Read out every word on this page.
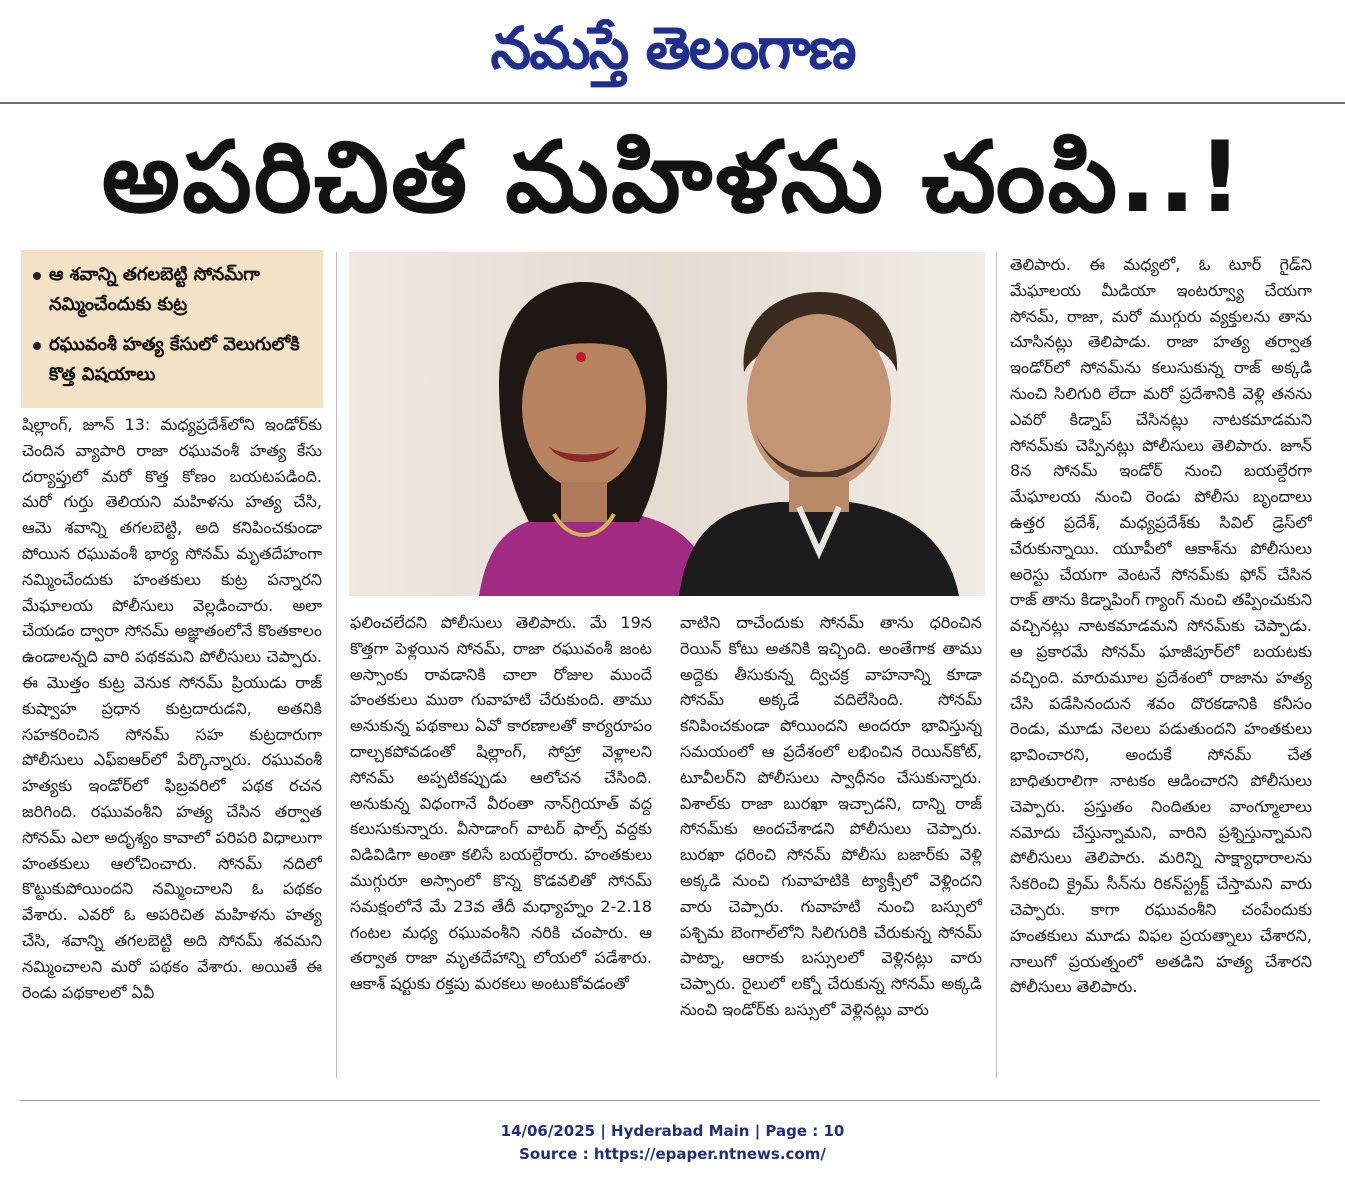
నమస్తే తెలంగాణ
అపరిచిత మహిళను చంపి..!
ఆ శవాన్ని తగలబెట్టి సోనమ్‌గా నమ్మించేందుకు కుట్ర
రఘువంశీ హత్య కేసులో వెలుగులోకి కొత్త విషయాలు

షిల్లాంగ్, జూన్ 13: మధ్యప్రదేశ్‌లోని ఇండోర్‌కు చెందిన వ్యాపారి రాజా రఘువంశీ హత్య కేసు దర్యాప్తులో మరో కొత్త కోణం బయటపడింది. మరో గుర్తు తెలియని మహిళను హత్య చేసి, ఆమె శవాన్ని తగలబెట్టి, అది కనిపించకుండా పోయిన రఘువంశీ భార్య సోనమ్ మృతదేహంగా నమ్మించేందుకు హంతకులు కుట్ర పన్నారని మేఘాలయ పోలీసులు వెల్లడించారు. అలా చేయడం ద్వారా సోనమ్ అజ్ఞాతంలోనే కొంతకాలం ఉండాలన్నది వారి పథకమని పోలీసులు చెప్పారు. ఈ మొత్తం కుట్ర వెనుక సోనమ్ ప్రియుడు రాజ్ కుష్వాహ ప్రధాన కుట్రదారుడని, అతనికి సహకరించిన సోనమ్ సహ కుట్రదారుగా పోలీసులు ఎఫ్‌ఐఆర్‌లో పేర్కొన్నారు. రఘువంశీ హత్యకు ఇండోర్‌లో ఫిబ్రవరిలో పథక రచన జరిగింది. రఘువంశీని హత్య చేసిన తర్వాత సోనమ్ ఎలా అదృశ్యం కావాలో పరిపరి విధాలుగా హంతకులు ఆలోచించారు. సోనమ్ నదిలో కొట్టుకుపోయిందని నమ్మించాలని ఓ పథకం వేశారు. ఎవరో ఓ అపరిచిత మహిళను హత్య చేసి, శవాన్ని తగలబెట్టి అది సోనమ్ శవమని నమ్మించాలని మరో పథకం వేశారు. అయితే ఈ రెండు పథకాలలో ఏవీ

ఫలించలేదని పోలీసులు తెలిపారు. మే 19న కొత్తగా పెళ్లయిన సోనమ్, రాజా రఘువంశీ జంట అస్సాంకు రావడానికి చాలా రోజుల ముందే హంతకులు ముఠా గువాహటి చేరుకుంది. తాము అనుకున్న పథకాలు ఏవో కారణాలతో కార్యరూపం దాల్చకపోవడంతో షిల్లాంగ్, సోహ్రా వెళ్లాలని సోనమ్ అప్పటికప్పుడు ఆలోచన చేసింది. అనుకున్న విధంగానే వీరంతా నాన్‌గ్రియాత్ వద్ద కలుసుకున్నారు. వీసాడాంగ్ వాటర్ ఫాల్స్ వద్దకు విడివిడిగా అంతా కలిసే బయల్దేరారు. హంతకులు ముగ్గురూ అస్సాంలో కొన్న కొడవలితో సోనమ్ సమక్షంలోనే మే 23వ తేదీ మధ్యాహ్నం 2-2.18 గంటల మధ్య రఘువంశీని నరికి చంపారు. ఆ తర్వాత రాజా మృతదేహాన్ని లోయలో పడేశారు. ఆకాశ్ షర్టుకు రక్తపు మరకలు అంటుకోవడంతో

వాటిని దాచేందుకు సోనమ్ తాను ధరించిన రెయిన్ కోటు అతనికి ఇచ్చింది. అంతేగాక తాము అద్దెకు తీసుకున్న ద్విచక్ర వాహనాన్ని కూడా సోనమ్ అక్కడే వదిలేసింది. సోనమ్ కనిపించకుండా పోయిందని అందరూ భావిస్తున్న సమయంలో ఆ ప్రదేశంలో లభించిన రెయిన్‌కోట్, టూవీలర్‌ని పోలీసులు స్వాధీనం చేసుకున్నారు. విశాల్‌కు రాజా బురఖా ఇచ్చాడని, దాన్ని రాజ్ సోనమ్‌కు అందచేశాడని పోలీసులు చెప్పారు. బురఖా ధరించి సోనమ్ పోలీసు బజార్‌కు వెళ్లి అక్కడి నుంచి గువాహటికి ట్యాక్సీలో వెళ్లిందని వారు చెప్పారు. గువాహటి నుంచి బస్సులో పశ్చిమ బెంగాల్‌లోని సిలిగురికి చేరుకున్న సోనమ్ పాట్నా, ఆరాకు బస్సులలో వెళ్లినట్లు వారు చెప్పారు. రైలులో లక్నో చేరుకున్న సోనమ్ అక్కడి నుంచి ఇండోర్‌కు బస్సులో వెళ్లినట్లు వారు

తెలిపారు. ఈ మధ్యలో, ఓ టూర్ గైడ్‌ని మేఘాలయ మీడియా ఇంటర్వ్యూ చేయగా సోనమ్, రాజా, మరో ముగ్గురు వ్యక్తులను తాను చూసినట్లు తెలిపాడు. రాజా హత్య తర్వాత ఇండోర్‌లో సోనమ్‌ను కలుసుకున్న రాజ్ అక్కడి నుంచి సిలిగురి లేదా మరో ప్రదేశానికి వెళ్లి తనను ఎవరో కిడ్నాప్ చేసినట్లు నాటకమాడమని సోనమ్‌కు చెప్పినట్లు పోలీసులు తెలిపారు. జూన్ 8న సోనమ్ ఇండోర్ నుంచి బయల్దేరగా మేఘాలయ నుంచి రెండు పోలీసు బృందాలు ఉత్తర ప్రదేశ్, మధ్యప్రదేశ్‌కు సివిల్ డ్రెస్‌లో చేరుకున్నాయి. యూపీలో ఆకాశ్‌ను పోలీసులు అరెస్టు చేయగా వెంటనే సోనమ్‌కు ఫోన్ చేసిన రాజ్ తాను కిడ్నాపింగ్ గ్యాంగ్ నుంచి తప్పించుకుని వచ్చినట్లు నాటకమాడమని సోనమ్‌కు చెప్పాడు. ఆ ప్రకారమే సోనమ్ ఘాజీపూర్‌లో బయటకు వచ్చింది. మారుమూల ప్రదేశంలో రాజాను హత్య చేసి పడేసినందున శవం దొరకడానికి కనీసం రెండు, మూడు నెలలు పడుతుందని హంతకులు భావించారని, అందుకే సోనమ్ చేత బాధితురాలిగా నాటకం ఆడించారని పోలీసులు చెప్పారు. ప్రస్తుతం నిందితుల వాంగ్మూలాలు నమోదు చేస్తున్నామని, వారిని ప్రశ్నిస్తున్నామని పోలీసులు తెలిపారు. మరిన్ని సాక్ష్యాధారాలను సేకరించి క్రైమ్ సీన్‌ను రికన్‌స్ట్రక్ట్ చేస్తామని వారు చెప్పారు. కాగా రఘువంశీని చంపేందుకు హంతకులు మూడు విఫల ప్రయత్నాలు చేశారని, నాలుగో ప్రయత్నంలో అతడిని హత్య చేశారని పోలీసులు తెలిపారు.

14/06/2025 | Hyderabad Main | Page : 10
Source : https://epaper.ntnews.com/
